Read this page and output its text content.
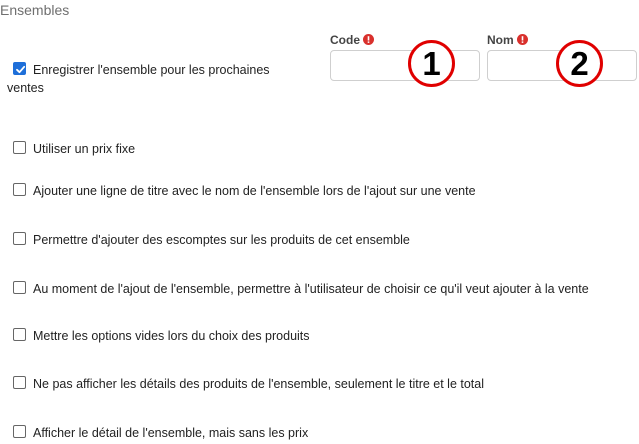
Ensembles
Enregistrer l'ensemble pour les prochaines
ventes
Code	Nom
1	2
Utiliser un prix fixe
Ajouter une ligne de titre avec le nom de l'ensemble lors de l'ajout sur une vente
Permettre d'ajouter des escomptes sur les produits de cet ensemble
Au moment de l'ajout de l'ensemble, permettre à l'utilisateur de choisir ce qu'il veut ajouter à la vente
Mettre les options vides lors du choix des produits
Ne pas afficher les détails des produits de l'ensemble, seulement le titre et le total
Afficher le détail de l'ensemble, mais sans les prix
